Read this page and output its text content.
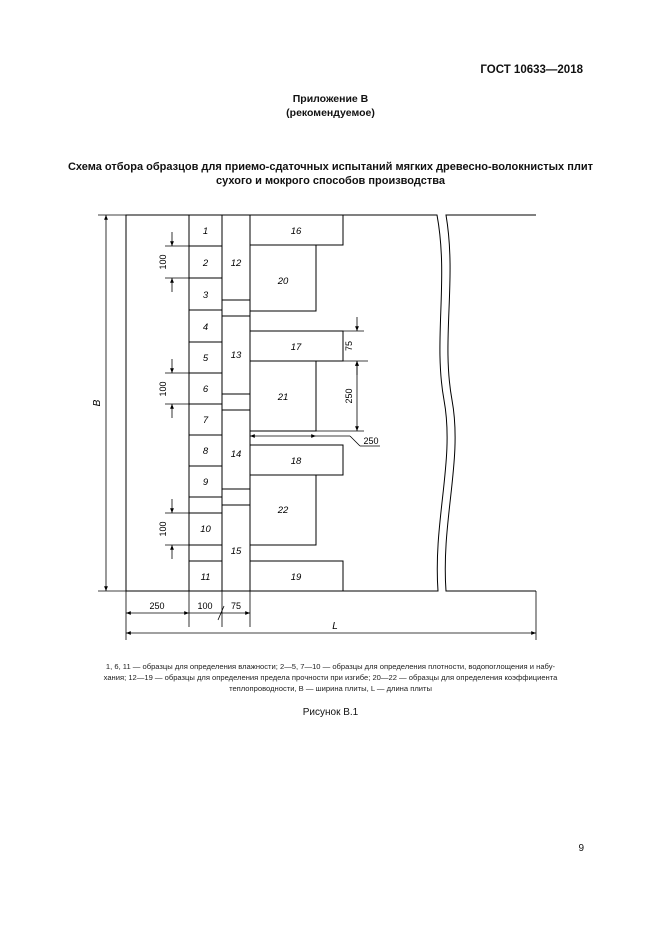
ГОСТ 10633—2018
Приложение В
(рекомендуемое)
Схема отбора образцов для приемо-сдаточных испытаний мягких древесно-волокнистых плит
сухого и мокрого способов производства
1
2
3
4
5
6
7
8
9
10
11
12
13
14
15
16
20
17
21
18
22
19
100
100
100
75
250
250
250	100 75
B
L
1, 6, 11 — образцы для определения влажности; 2—5, 7—10 — образцы для определения плотности, водопоглощения и набу-
хания; 12—19 — образцы для определения предела прочности при изгибе; 20—22 — образцы для определения коэффициента
теплопроводности, B — ширина плиты, L — длина плиты
Рисунок В.1
9
